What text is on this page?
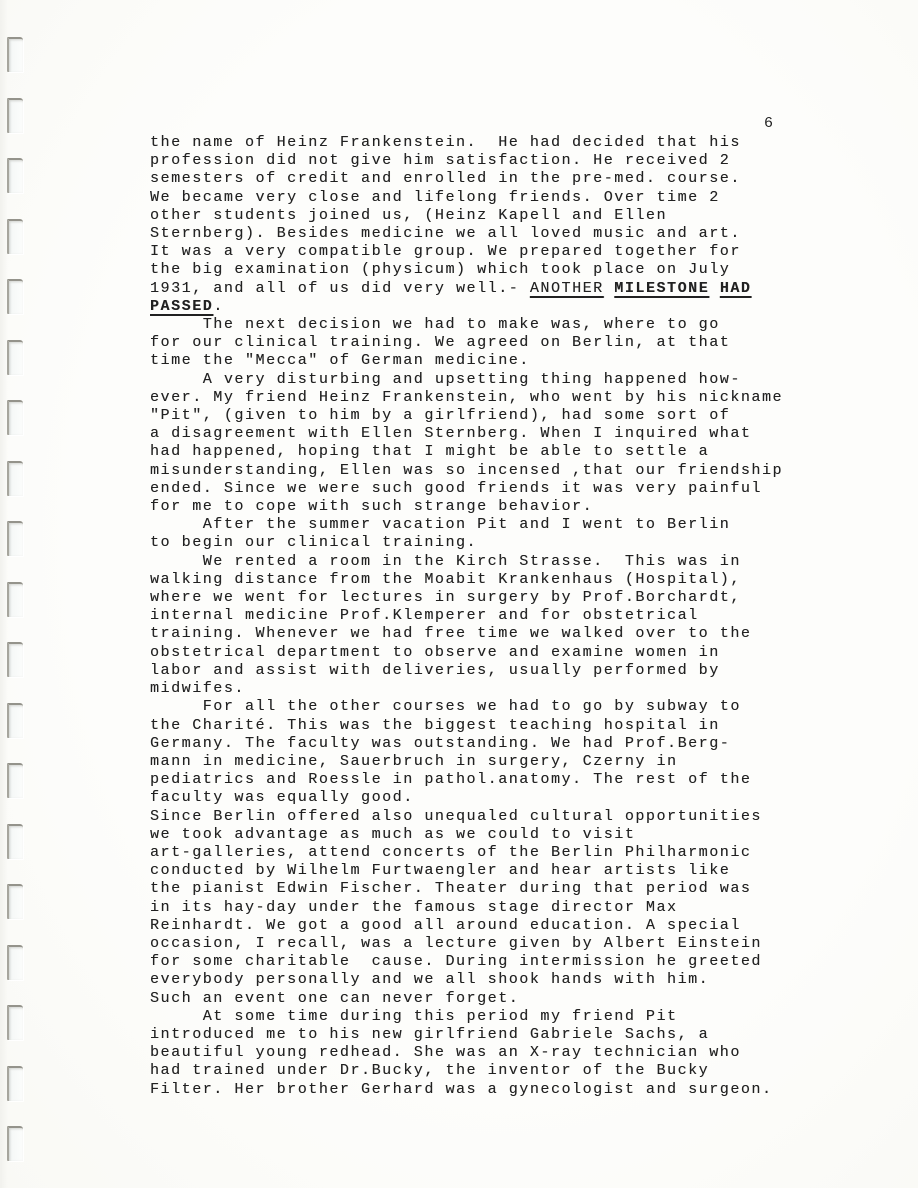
6
the name of Heinz Frankenstein.  He had decided that his
profession did not give him satisfaction. He received 2
semesters of credit and enrolled in the pre-med. course.
We became very close and lifelong friends. Over time 2
other students joined us, (Heinz Kapell and Ellen
Sternberg). Besides medicine we all loved music and art.
It was a very compatible group. We prepared together for
the big examination (physicum) which took place on July
1931, and all of us did very well.- ANOTHER MILESTONE HAD
PASSED.
The next decision we had to make was, where to go
for our clinical training. We agreed on Berlin, at that
time the "Mecca" of German medicine.
A very disturbing and upsetting thing happened how-
ever. My friend Heinz Frankenstein, who went by his nickname
"Pit", (given to him by a girlfriend), had some sort of
a disagreement with Ellen Sternberg. When I inquired what
had happened, hoping that I might be able to settle a
misunderstanding, Ellen was so incensed ,that our friendship
ended. Since we were such good friends it was very painful
for me to cope with such strange behavior.
After the summer vacation Pit and I went to Berlin
to begin our clinical training.
We rented a room in the Kirch Strasse.  This was in
walking distance from the Moabit Krankenhaus (Hospital),
where we went for lectures in surgery by Prof.Borchardt,
internal medicine Prof.Klemperer and for obstetrical
training. Whenever we had free time we walked over to the
obstetrical department to observe and examine women in
labor and assist with deliveries, usually performed by
midwifes.
For all the other courses we had to go by subway to
the Charité. This was the biggest teaching hospital in
Germany. The faculty was outstanding. We had Prof.Berg-
mann in medicine, Sauerbruch in surgery, Czerny in
pediatrics and Roessle in pathol.anatomy. The rest of the
faculty was equally good.
Since Berlin offered also unequaled cultural opportunities
we took advantage as much as we could to visit
art-galleries, attend concerts of the Berlin Philharmonic
conducted by Wilhelm Furtwaengler and hear artists like
the pianist Edwin Fischer. Theater during that period was
in its hay-day under the famous stage director Max
Reinhardt. We got a good all around education. A special
occasion, I recall, was a lecture given by Albert Einstein
for some charitable  cause. During intermission he greeted
everybody personally and we all shook hands with him.
Such an event one can never forget.
At some time during this period my friend Pit
introduced me to his new girlfriend Gabriele Sachs, a
beautiful young redhead. She was an X-ray technician who
had trained under Dr.Bucky, the inventor of the Bucky
Filter. Her brother Gerhard was a gynecologist and surgeon.
